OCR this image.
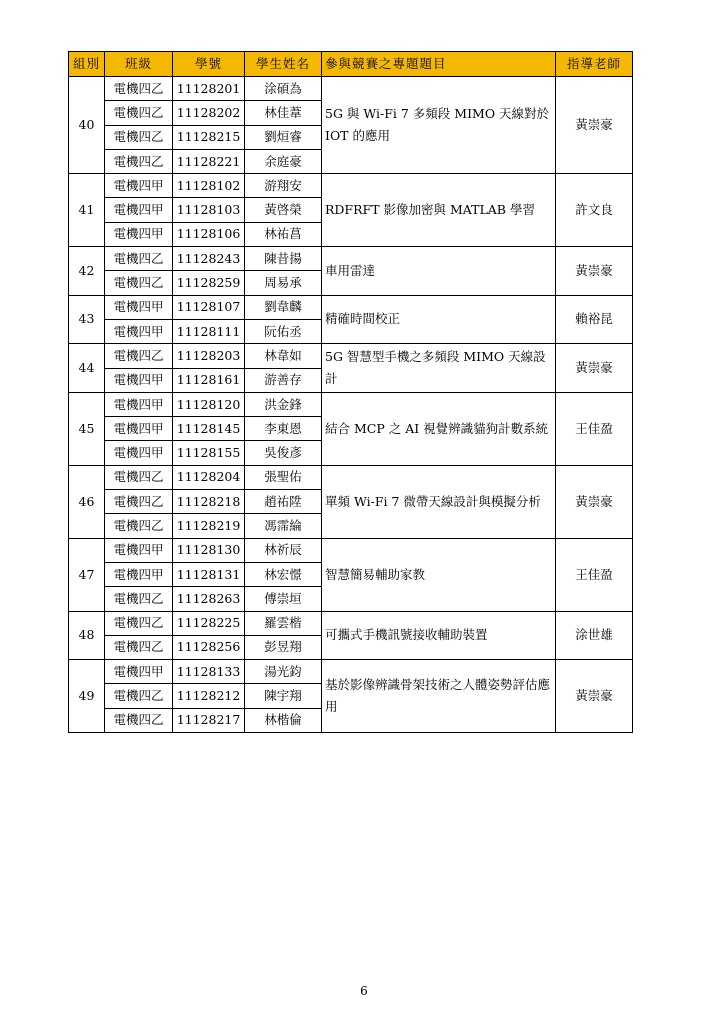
組別	班級	學號	學生姓名	參與競賽之專題題目	指導老師
40	電機四乙	11128201	涂碩為	5G 與 Wi-Fi 7 多頻段 MIMO 天線對於 IOT 的應用	黃崇豪
	電機四乙	11128202	林佳葦		
	電機四乙	11128215	劉烜睿		
	電機四乙	11128221	余庭豪		
41	電機四甲	11128102	游翔安	RDFRFT 影像加密與 MATLAB 學習	許文良
	電機四甲	11128103	黃啓榮		
	電機四甲	11128106	林祐菖		
42	電機四乙	11128243	陳昔揚	車用雷達	黃崇豪
	電機四乙	11128259	周易承		
43	電機四甲	11128107	劉韋麟	精確時間校正	賴裕昆
	電機四甲	11128111	阮佑丞		
44	電機四乙	11128203	林韋如	5G 智慧型手機之多頻段 MIMO 天線設計	黃崇豪
	電機四甲	11128161	游善存		
45	電機四甲	11128120	洪金鋒	結合 MCP 之 AI 視覺辨識貓狗計數系統	王佳盈
	電機四甲	11128145	李東恩		
	電機四甲	11128155	吳俊彥		
46	電機四乙	11128204	張聖佑	單頻 Wi-Fi 7 微帶天線設計與模擬分析	黃崇豪
	電機四乙	11128218	趙祐陞		
	電機四乙	11128219	馮霈綸		
47	電機四甲	11128130	林祈辰	智慧簡易輔助家教	王佳盈
	電機四甲	11128131	林宏憬		
	電機四乙	11128263	傅崇垣		
48	電機四乙	11128225	羅雲楷	可攜式手機訊號接收輔助裝置	涂世雄
	電機四乙	11128256	彭昱翔		
49	電機四甲	11128133	湯光鈞	基於影像辨識骨架技術之人體姿勢評估應用	黃崇豪
	電機四乙	11128212	陳宇翔		
	電機四乙	11128217	林楷倫		
6
